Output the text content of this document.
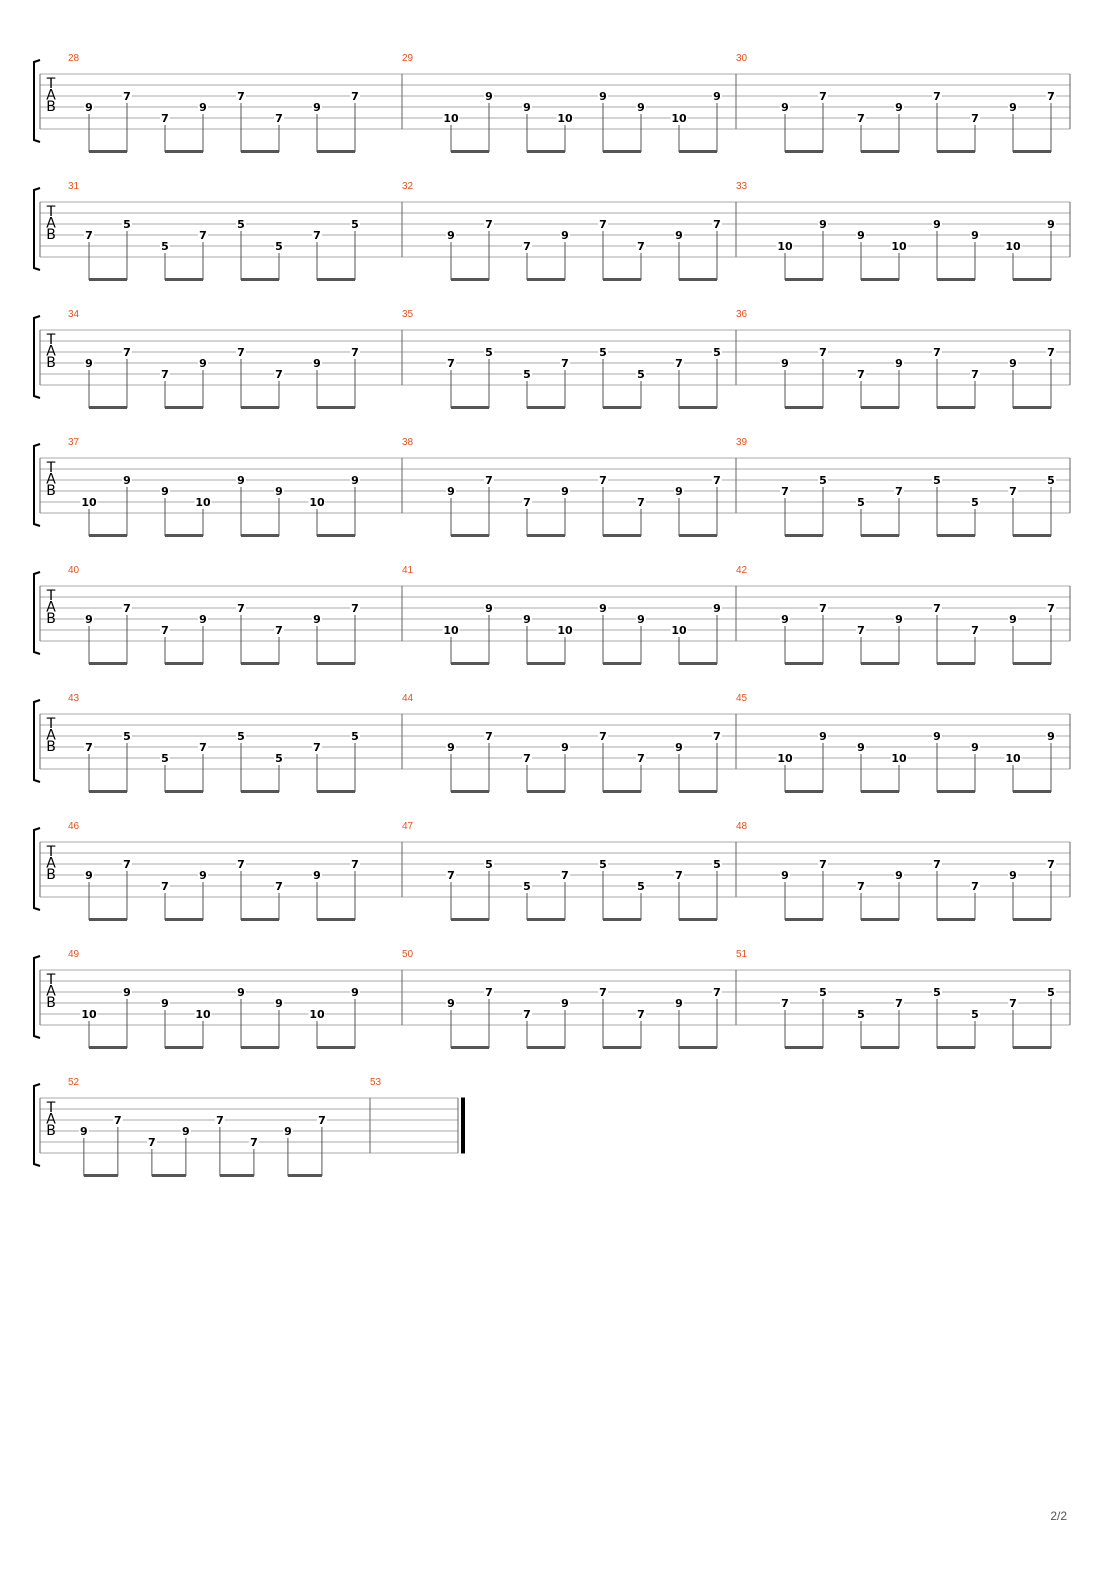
T
A
B
28
9
7
7
9
7
7
9
7
29
10
9
9
10
9
9
10
9
30
9
7
7
9
7
7
9
7
T
A
B
31
7
5
5
7
5
5
7
5
32
9
7
7
9
7
7
9
7
33
10
9
9
10
9
9
10
9
T
A
B
34
9
7
7
9
7
7
9
7
35
7
5
5
7
5
5
7
5
36
9
7
7
9
7
7
9
7
T
A
B
37
10
9
9
10
9
9
10
9
38
9
7
7
9
7
7
9
7
39
7
5
5
7
5
5
7
5
T
A
B
40
9
7
7
9
7
7
9
7
41
10
9
9
10
9
9
10
9
42
9
7
7
9
7
7
9
7
T
A
B
43
7
5
5
7
5
5
7
5
44
9
7
7
9
7
7
9
7
45
10
9
9
10
9
9
10
9
T
A
B
46
9
7
7
9
7
7
9
7
47
7
5
5
7
5
5
7
5
48
9
7
7
9
7
7
9
7
T
A
B
49
10
9
9
10
9
9
10
9
50
9
7
7
9
7
7
9
7
51
7
5
5
7
5
5
7
5
T
A
B
52
9
7
7
9
7
7
9
7
53
2/2
